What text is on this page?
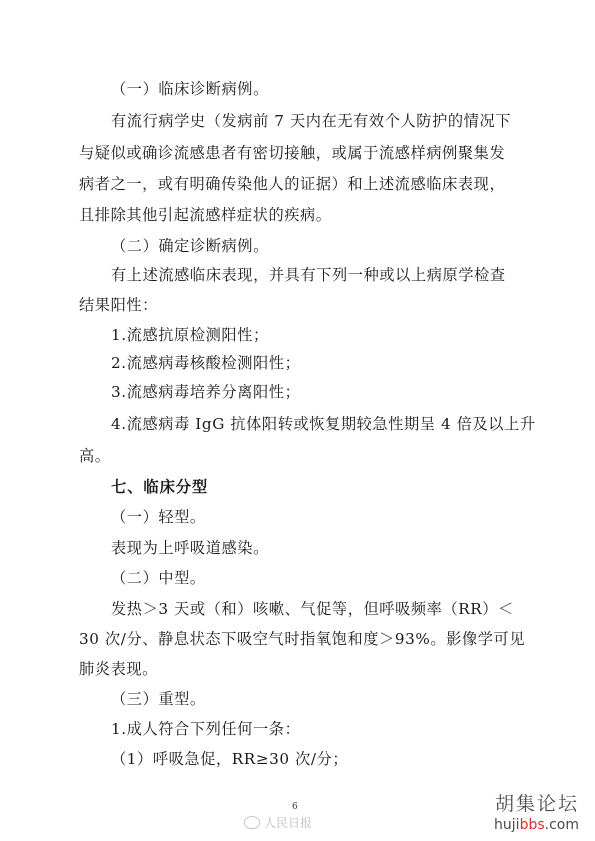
（一）临床诊断病例。
有流行病学史（发病前 7 天内在无有效个人防护的情况下
与疑似或确诊流感患者有密切接触，或属于流感样病例聚集发
病者之一，或有明确传染他人的证据）和上述流感临床表现，
且排除其他引起流感样症状的疾病。
（二）确定诊断病例。
有上述流感临床表现，并具有下列一种或以上病原学检查
结果阳性：
1.流感抗原检测阳性；
2.流感病毒核酸检测阳性；
3.流感病毒培养分离阳性；
4.流感病毒 IgG 抗体阳转或恢复期较急性期呈 4 倍及以上升
高。
七、临床分型
（一）轻型。
表现为上呼吸道感染。
（二）中型。
发热＞3 天或（和）咳嗽、气促等，但呼吸频率（RR）＜
30 次/分、静息状态下吸空气时指氧饱和度＞93%。影像学可见
肺炎表现。
（三）重型。
1.成人符合下列任何一条：
（1）呼吸急促，RR≥30 次/分；
6
人民日报
胡集论坛
hujibbs.com
